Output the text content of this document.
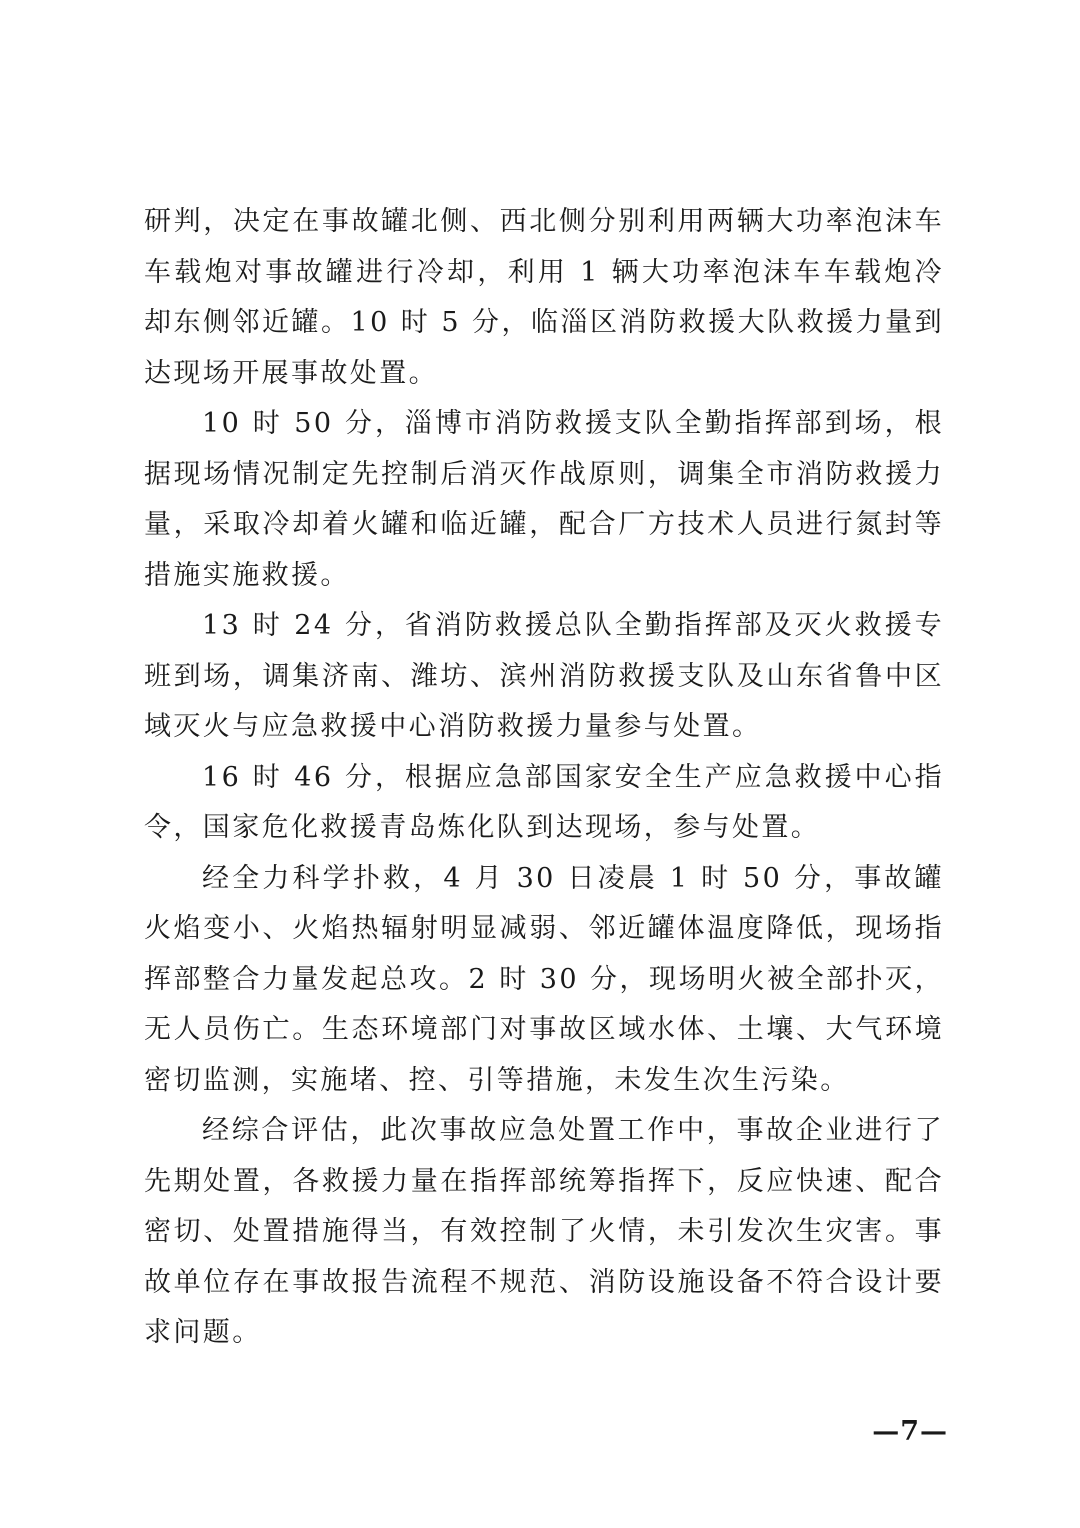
研判，决定在事故罐北侧、西北侧分别利用两辆大功率泡沫车车载炮对事故罐进行冷却，利用 1 辆大功率泡沫车车载炮冷却东侧邻近罐。10 时 5 分，临淄区消防救援大队救援力量到达现场开展事故处置。

10 时 50 分，淄博市消防救援支队全勤指挥部到场，根据现场情况制定先控制后消灭作战原则，调集全市消防救援力量，采取冷却着火罐和临近罐，配合厂方技术人员进行氮封等措施实施救援。

13 时 24 分，省消防救援总队全勤指挥部及灭火救援专班到场，调集济南、潍坊、滨州消防救援支队及山东省鲁中区域灭火与应急救援中心消防救援力量参与处置。

16 时 46 分，根据应急部国家安全生产应急救援中心指令，国家危化救援青岛炼化队到达现场，参与处置。

经全力科学扑救，4 月 30 日凌晨 1 时 50 分，事故罐火焰变小、火焰热辐射明显减弱、邻近罐体温度降低，现场指挥部整合力量发起总攻。2 时 30 分，现场明火被全部扑灭，无人员伤亡。生态环境部门对事故区域水体、土壤、大气环境密切监测，实施堵、控、引等措施，未发生次生污染。

经综合评估，此次事故应急处置工作中，事故企业进行了先期处置，各救援力量在指挥部统筹指挥下，反应快速、配合密切、处置措施得当，有效控制了火情，未引发次生灾害。事故单位存在事故报告流程不规范、消防设施设备不符合设计要求问题。

—7—
